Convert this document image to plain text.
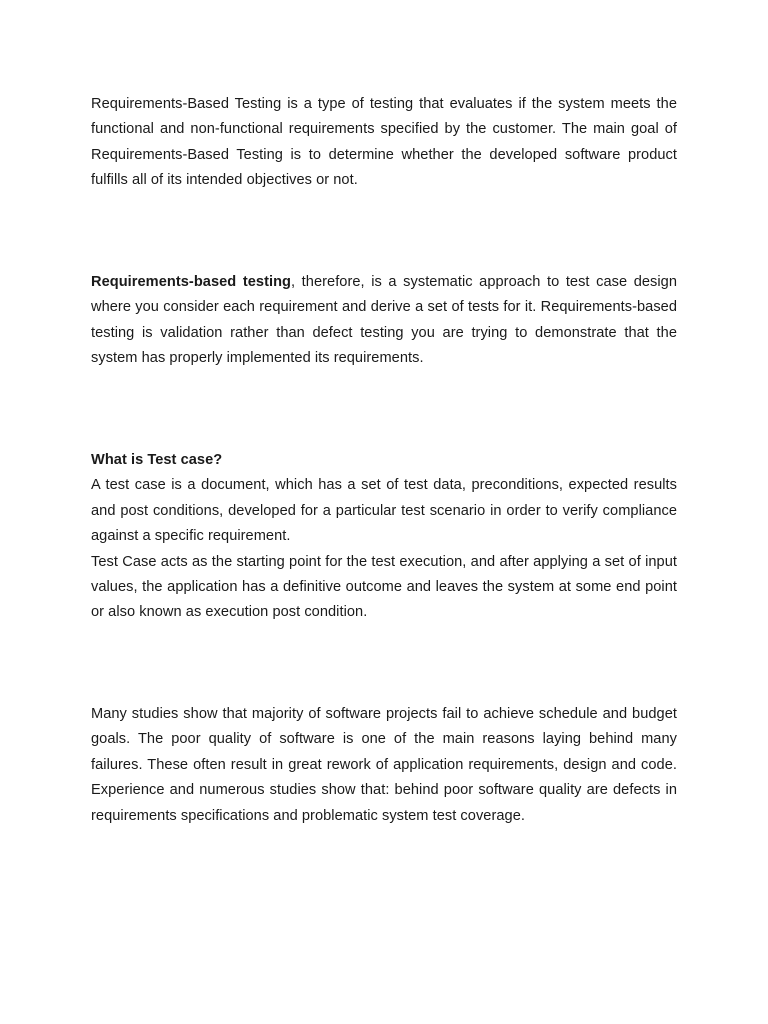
Requirements-Based Testing is a type of testing that evaluates if the system meets the functional and non-functional requirements specified by the customer. The main goal of Requirements-Based Testing is to determine whether the developed software product fulfills all of its intended objectives or not.

Requirements-based testing, therefore, is a systematic approach to test case design where you consider each requirement and derive a set of tests for it. Requirements-based testing is validation rather than defect testing you are trying to demonstrate that the system has properly implemented its requirements.

What is Test case?
A test case is a document, which has a set of test data, preconditions, expected results and post conditions, developed for a particular test scenario in order to verify compliance against a specific requirement.
Test Case acts as the starting point for the test execution, and after applying a set of input values, the application has a definitive outcome and leaves the system at some end point or also known as execution post condition.

Many studies show that majority of software projects fail to achieve schedule and budget goals. The poor quality of software is one of the main reasons laying behind many failures. These often result in great rework of application requirements, design and code. Experience and numerous studies show that: behind poor software quality are defects in requirements specifications and problematic system test coverage.
